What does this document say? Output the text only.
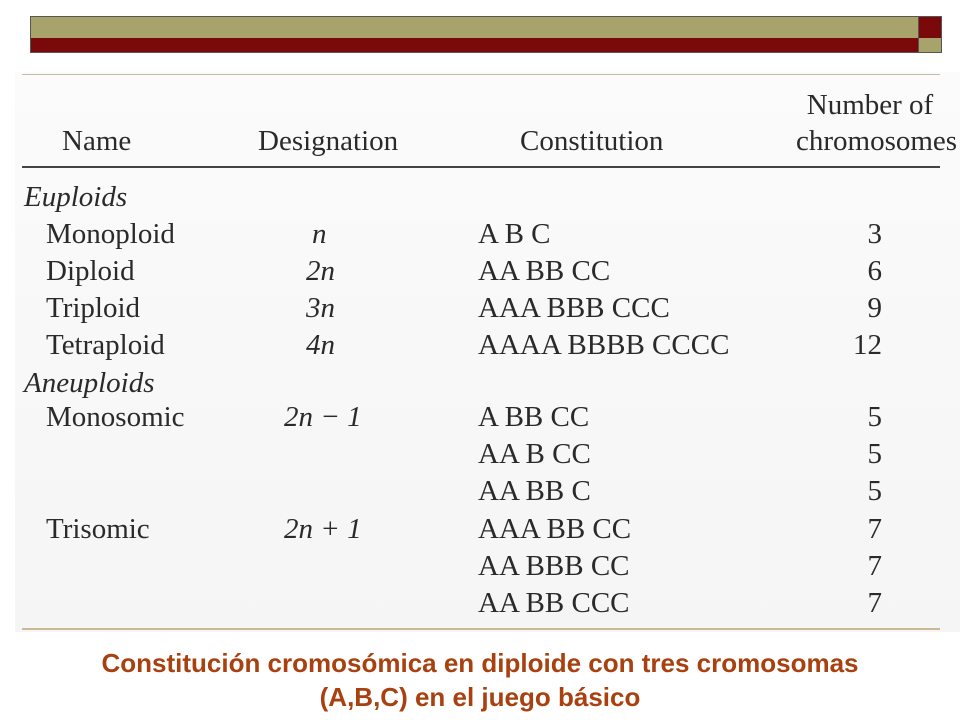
Name	Designation	Constitution
Number of
chromosomes
Euploids
Aneuploids
Monoploid
Diploid
Triploid
Tetraploid
Monosomic
Trisomic
n
2n
3n
4n
2n − 1
2n + 1
A B C
AA BB CC
AAA BBB CCC
AAAA BBBB CCCC
A BB CC
AA B CC
AA BB C
AAA BB CC
AA BBB CC
AA BB CCC
3
6
9
12
5
5
5
7
7
7
Constitución cromosómica en diploide con tres cromosomas
(A,B,C) en el juego básico
